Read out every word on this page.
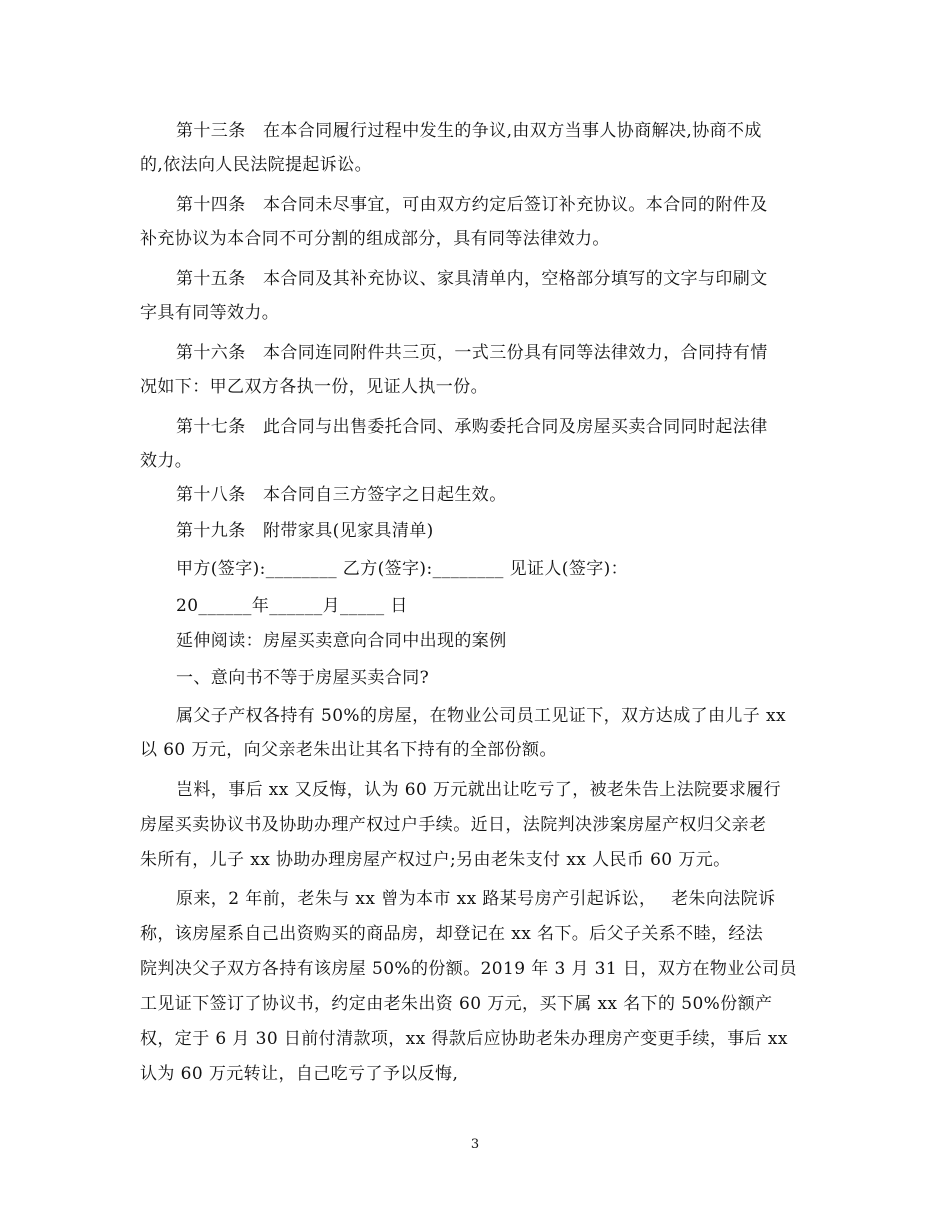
第十三条　在本合同履行过程中发生的争议,由双方当事人协商解决,协商不成
的,依法向人民法院提起诉讼。
第十四条　本合同未尽事宜，可由双方约定后签订补充协议。本合同的附件及
补充协议为本合同不可分割的组成部分，具有同等法律效力。
第十五条　本合同及其补充协议、家具清单内，空格部分填写的文字与印刷文
字具有同等效力。
第十六条　本合同连同附件共三页，一式三份具有同等法律效力，合同持有情
况如下：甲乙双方各执一份，见证人执一份。
第十七条　此合同与出售委托合同、承购委托合同及房屋买卖合同同时起法律
效力。
第十八条　本合同自三方签字之日起生效。
第十九条　附带家具(见家具清单)
甲方(签字):________ 乙方(签字):________ 见证人(签字)：
20______年______月_____ 日
延伸阅读：房屋买卖意向合同中出现的案例
一、意向书不等于房屋买卖合同?
属父子产权各持有 50%的房屋，在物业公司员工见证下，双方达成了由儿子 xx
以 60 万元，向父亲老朱出让其名下持有的全部份额。
岂料，事后 xx 又反悔，认为 60 万元就出让吃亏了，被老朱告上法院要求履行
房屋买卖协议书及协助办理产权过户手续。近日，法院判决涉案房屋产权归父亲老
朱所有，儿子 xx 协助办理房屋产权过户;另由老朱支付 xx 人民币 60 万元。
原来，2 年前，老朱与 xx 曾为本市 xx 路某号房产引起诉讼，　 老朱向法院诉
称，该房屋系自己出资购买的商品房，却登记在 xx 名下。后父子关系不睦，经法
院判决父子双方各持有该房屋 50%的份额。2019 年 3 月 31 日，双方在物业公司员
工见证下签订了协议书，约定由老朱出资 60 万元，买下属 xx 名下的 50%份额产
权，定于 6 月 30 日前付清款项，xx 得款后应协助老朱办理房产变更手续，事后 xx
认为 60 万元转让，自己吃亏了予以反悔,
3
